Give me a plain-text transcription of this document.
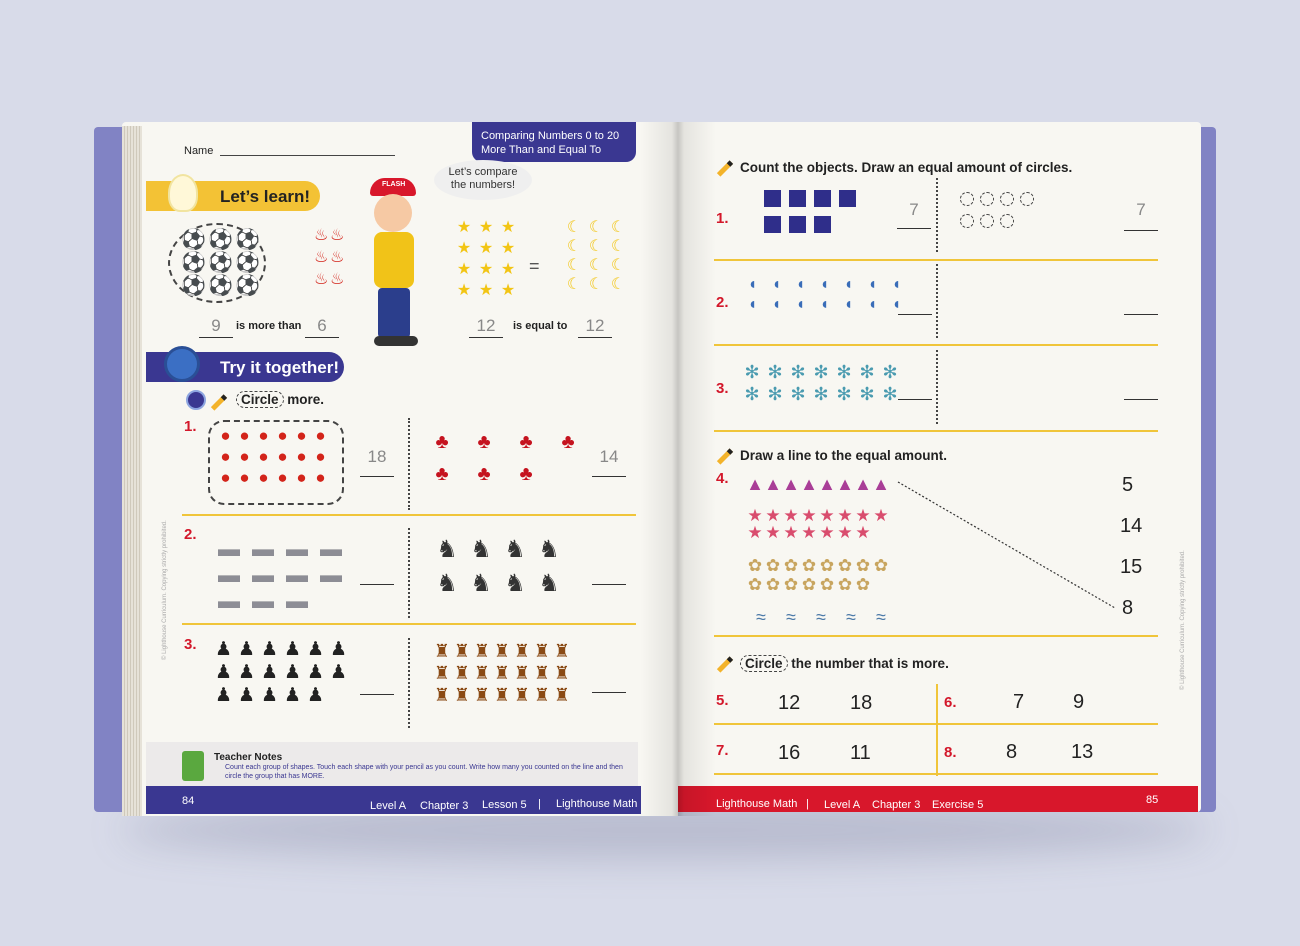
Name
Comparing Numbers 0 to 20
More Than and Equal To
Let’s learn!
⚽ ⚽ ⚽
⚽ ⚽ ⚽
⚽ ⚽ ⚽
♨ ♨
♨ ♨
♨ ♨
9	is more than 6
FLASH
Let’s compare the numbers!
★ ★ ★
★ ★ ★
★ ★ ★
★ ★ ★
=
☾ ☾ ☾
☾ ☾ ☾
☾ ☾ ☾
☾ ☾ ☾
12	is equal to	12
Try it together!
Circle more.
1. ● ● ● ● ● ●
● ● ● ● ● ●
● ● ● ● ● ●
18
♣	♣	♣	♣
♣	♣	♣
14
2.
▬ ▬ ▬ ▬
▬ ▬ ▬ ▬
▬ ▬ ▬
♞ ♞ ♞ ♞
♞ ♞ ♞ ♞
3. ♟ ♟ ♟ ♟ ♟ ♟
♟ ♟ ♟ ♟ ♟ ♟
♟ ♟ ♟ ♟ ♟
♜ ♜ ♜ ♜ ♜ ♜ ♜
♜ ♜ ♜ ♜ ♜ ♜ ♜
♜ ♜ ♜ ♜ ♜ ♜ ♜
Teacher Notes
Count each group of shapes. Touch each shape with your pencil as you count. Write how many you counted on the line and then circle the group that has MORE.
84	Level A Chapter 3 Lesson 5 | Lighthouse Math
© Lighthouse Curriculum. Copying strictly prohibited.
Count the objects. Draw an equal amount of circles.
1.	7	7
2.
◖ ◖ ◖ ◖ ◖ ◖ ◖
◖ ◖ ◖ ◖ ◖ ◖ ◖
3.
✻ ✻ ✻ ✻ ✻ ✻ ✻
✻ ✻ ✻ ✻ ✻ ✻ ✻
Draw a line to the equal amount.
4. ▲ ▲ ▲ ▲ ▲ ▲ ▲ ▲
★ ★ ★ ★ ★ ★ ★ ★
★ ★ ★ ★ ★ ★ ★
✿ ✿ ✿ ✿ ✿ ✿ ✿ ✿
✿ ✿ ✿ ✿ ✿ ✿ ✿
≈	≈	≈	≈	≈
5
14
15
8
Circle the number that is more.
5. 12 18	6.	7 9
7. 16 11	8. 8	13
Lighthouse Math | Level A Chapter 3 Exercise 5	85
© Lighthouse Curriculum. Copying strictly prohibited.
